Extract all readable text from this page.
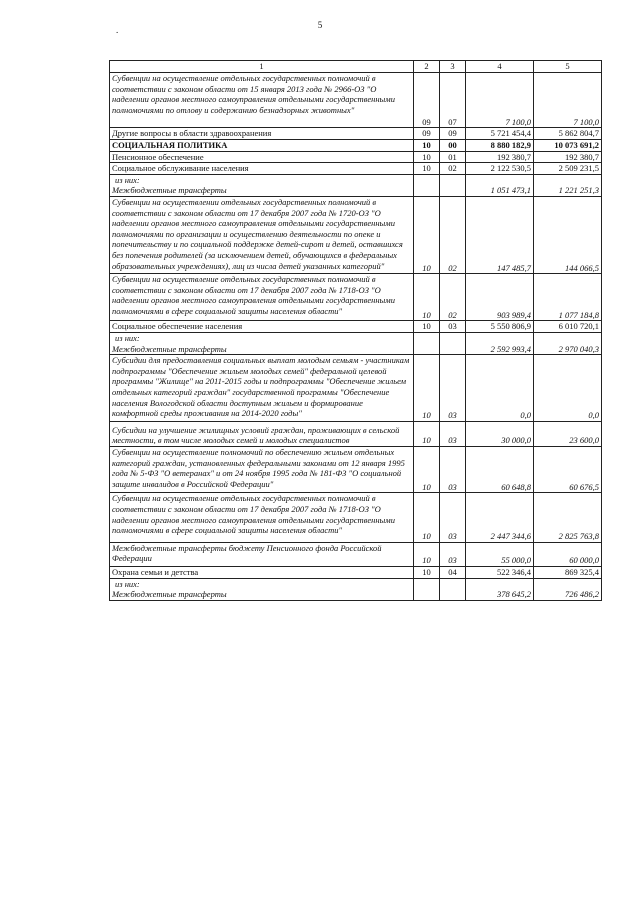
5
.
1	2	3	4	5
Субвенции на осуществление отдельных государственных полномочий в соответствии с законом области от 15 января 2013 года № 2966-ОЗ "О наделении органов местного самоуправления отдельными государственными полномочиями по отлову и содержанию безнадзорных животных"	09	07	7 100,0	7 100,0
Другие вопросы в области здравоохранения	09	09	5 721 454,4	5 862 804,7
СОЦИАЛЬНАЯ ПОЛИТИКА	10	00	8 880 182,9	10 073 691,2
Пенсионное обеспечение	10	01	192 380,7	192 380,7
Социальное обслуживание населения	10	02	2 122 530,5	2 509 231,5

из них:
Межбюджетные трансферты			1 051 473,1	1 221 251,3
Субвенции на осуществлении отдельных государственных полномочий в соответствии с законом области от 17 декабря 2007 года № 1720-ОЗ "О наделении органов местного самоуправления отдельными государственными полномочиями по организации и осуществлению деятельности по опеке и попечительству и по социальной поддержке детей-сирот и детей, оставшихся без попечения родителей (за исключением детей, обучающихся в федеральных образовательных учреждениях), лиц из числа детей указанных категорий"	10	02	147 485,7	144 066,5
Субвенции на осуществление отдельных государственных полномочий в соответствии с законом области от 17 декабря 2007 года № 1718-ОЗ "О наделении органов местного самоуправления отдельными государственными полномочиями в сфере социальной защиты населения области"	10	02	903 989,4	1 077 184,8
Социальное обеспечение населения	10	03	5 550 806,9	6 010 720,1

из них:
Межбюджетные трансферты			2 592 993,4	2 970 040,3
Субсидии для предоставления социальных выплат молодым семьям - участникам подпрограммы "Обеспечение жильем молодых семей" федеральной целевой программы "Жилище" на 2011-2015 годы и подпрограммы "Обеспечение жильем отдельных категорий граждан" государственной программы "Обеспечение населения Вологодской области доступным жильем и формирование комфортной среды проживания на 2014-2020 годы"	10	03	0,0	0,0
Субсидии на улучшение жилищных условий граждан, проживающих в сельской местности, в том числе молодых семей и молодых специалистов	10	03	30 000,0	23 600,0
Субвенции на осуществление полномочий по обеспечению жильем отдельных категорий граждан, установленных федеральными законами от 12 января 1995 года № 5-ФЗ "О ветеранах" и от 24 ноября 1995 года № 181-ФЗ "О социальной защите инвалидов в Российской Федерации"	10	03	60 648,8	60 676,5
Субвенции на осуществление отдельных государственных полномочий в соответствии с законом области от 17 декабря 2007 года № 1718-ОЗ "О наделении органов местного самоуправления отдельными государственными полномочиями в сфере социальной защиты населения области"	10	03	2 447 344,6	2 825 763,8
Межбюджетные трансферты бюджету Пенсионного фонда Российской Федерации	10	03	55 000,0	60 000,0
Охрана семьи и детства	10	04	522 346,4	869 325,4

из них:
Межбюджетные трансферты			378 645,2	726 486,2
